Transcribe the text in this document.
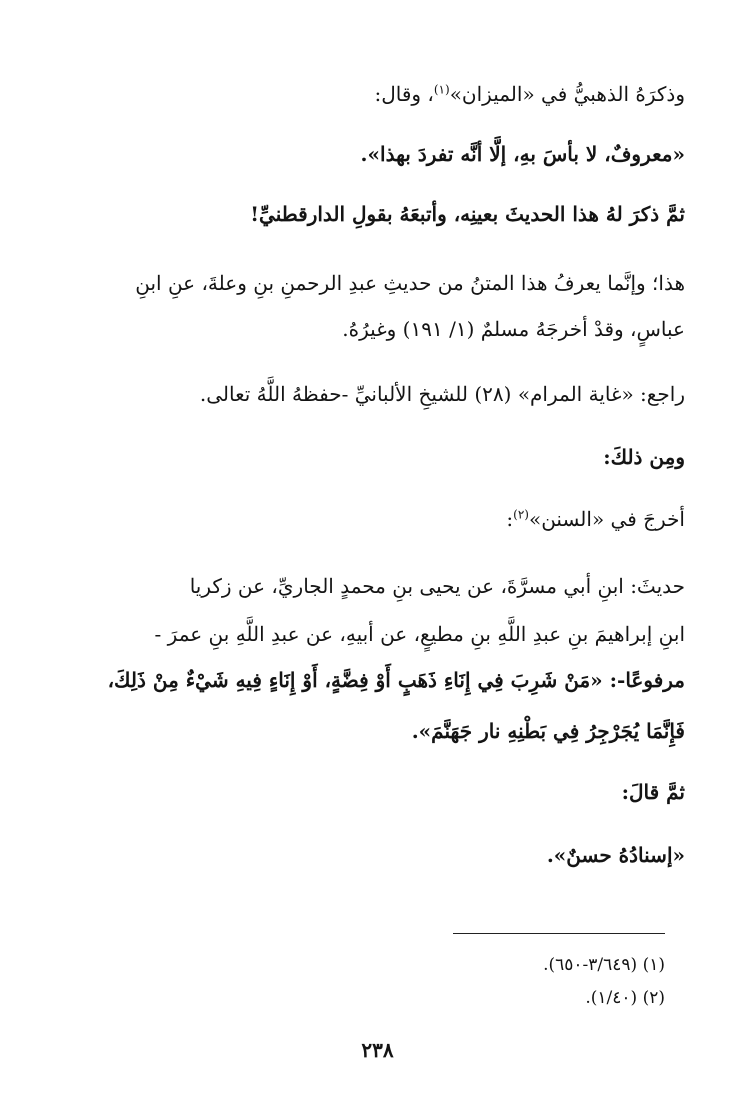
وذكرَهُ الذهبيُّ في «الميزان»$^{(١)}$، وقال:
«معروفٌ، لا بأسَ بهِ، إلَّا أنَّه تفردَ بهذا».
ثمَّ ذكرَ لهُ هذا الحديثَ بعينِه، وأتبعَهُ بقولِ الدارقطنيِّ!
هذا؛ وإنَّما يعرفُ هذا المتنُ من حديثِ عبدِ الرحمنِ بنِ وعلةَ، عنِ ابنِ
عباسٍ، وقدْ أخرجَهُ مسلمٌ (١/ ١٩١) وغيرُهُ.
راجع: «غاية المرام» (٢٨) للشيخِ الألبانيِّ -حفظهُ اللَّهُ تعالى.
ومِن ذلكَ:
أخرجَ في «السنن»$^{(٢)}$:
حديثَ: ابنِ أبي مسرَّةَ، عن يحيى بنِ محمدٍ الجاريِّ، عن زكريا
ابنِ إبراهيمَ بنِ عبدِ اللَّهِ بنِ مطيعٍ، عن أبيهِ، عن عبدِ اللَّهِ بنِ عمرَ -
مرفوعًا-: «مَنْ شَرِبَ فِي إِنَاءِ ذَهَبٍ أَوْ فِضَّةٍ، أَوْ إِنَاءٍ فِيهِ شَيْءٌ مِنْ ذَلِكَ،
فَإِنَّمَا يُجَرْجِرُ فِي بَطْنِهِ نار جَهَنَّمَ».
ثمَّ قالَ:
«إسنادُهُ حسنٌ».
(١) (٣/٦٤٩-٦٥٠).
(٢) (١/٤٠).
٢٣٨
